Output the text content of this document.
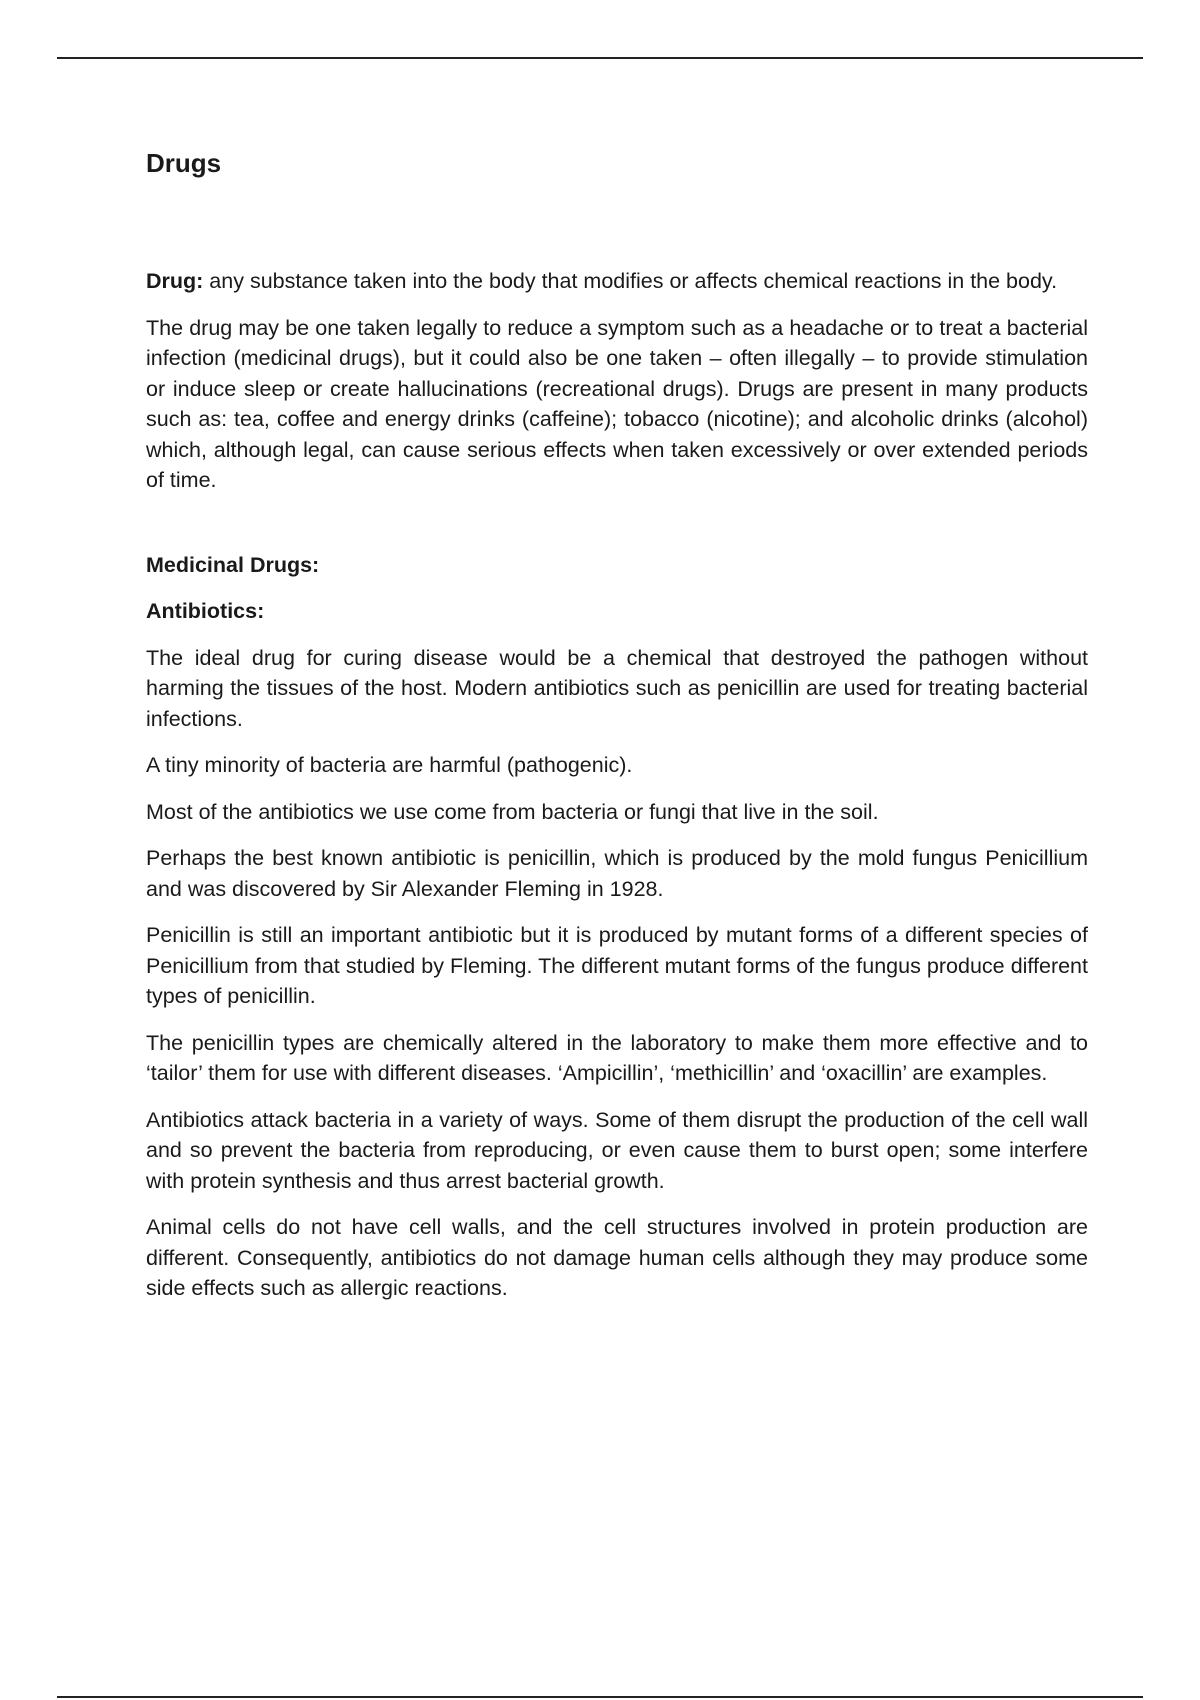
Drugs

Drug: any substance taken into the body that modifies or affects chemical reactions in the body.

The drug may be one taken legally to reduce a symptom such as a headache or to treat a bacterial infection (medicinal drugs), but it could also be one taken – often illegally – to provide stimulation or induce sleep or create hallucinations (recreational drugs). Drugs are present in many products such as: tea, coffee and energy drinks (caffeine); tobacco (nicotine); and alcoholic drinks (alcohol) which, although legal, can cause serious effects when taken excessively or over extended periods of time.

Medicinal Drugs:
Antibiotics:

The ideal drug for curing disease would be a chemical that destroyed the pathogen without harming the tissues of the host. Modern antibiotics such as penicillin are used for treating bacterial infections.

A tiny minority of bacteria are harmful (pathogenic).

Most of the antibiotics we use come from bacteria or fungi that live in the soil.

Perhaps the best known antibiotic is penicillin, which is produced by the mold fungus Penicillium and was discovered by Sir Alexander Fleming in 1928.

Penicillin is still an important antibiotic but it is produced by mutant forms of a different species of Penicillium from that studied by Fleming. The different mutant forms of the fungus produce different types of penicillin.

The penicillin types are chemically altered in the laboratory to make them more effective and to ‘tailor’ them for use with different diseases. ‘Ampicillin’, ‘methicillin’ and ‘oxacillin’ are examples.

Antibiotics attack bacteria in a variety of ways. Some of them disrupt the production of the cell wall and so prevent the bacteria from reproducing, or even cause them to burst open; some interfere with protein synthesis and thus arrest bacterial growth.

Animal cells do not have cell walls, and the cell structures involved in protein production are different. Consequently, antibiotics do not damage human cells although they may produce some side effects such as allergic reactions.
